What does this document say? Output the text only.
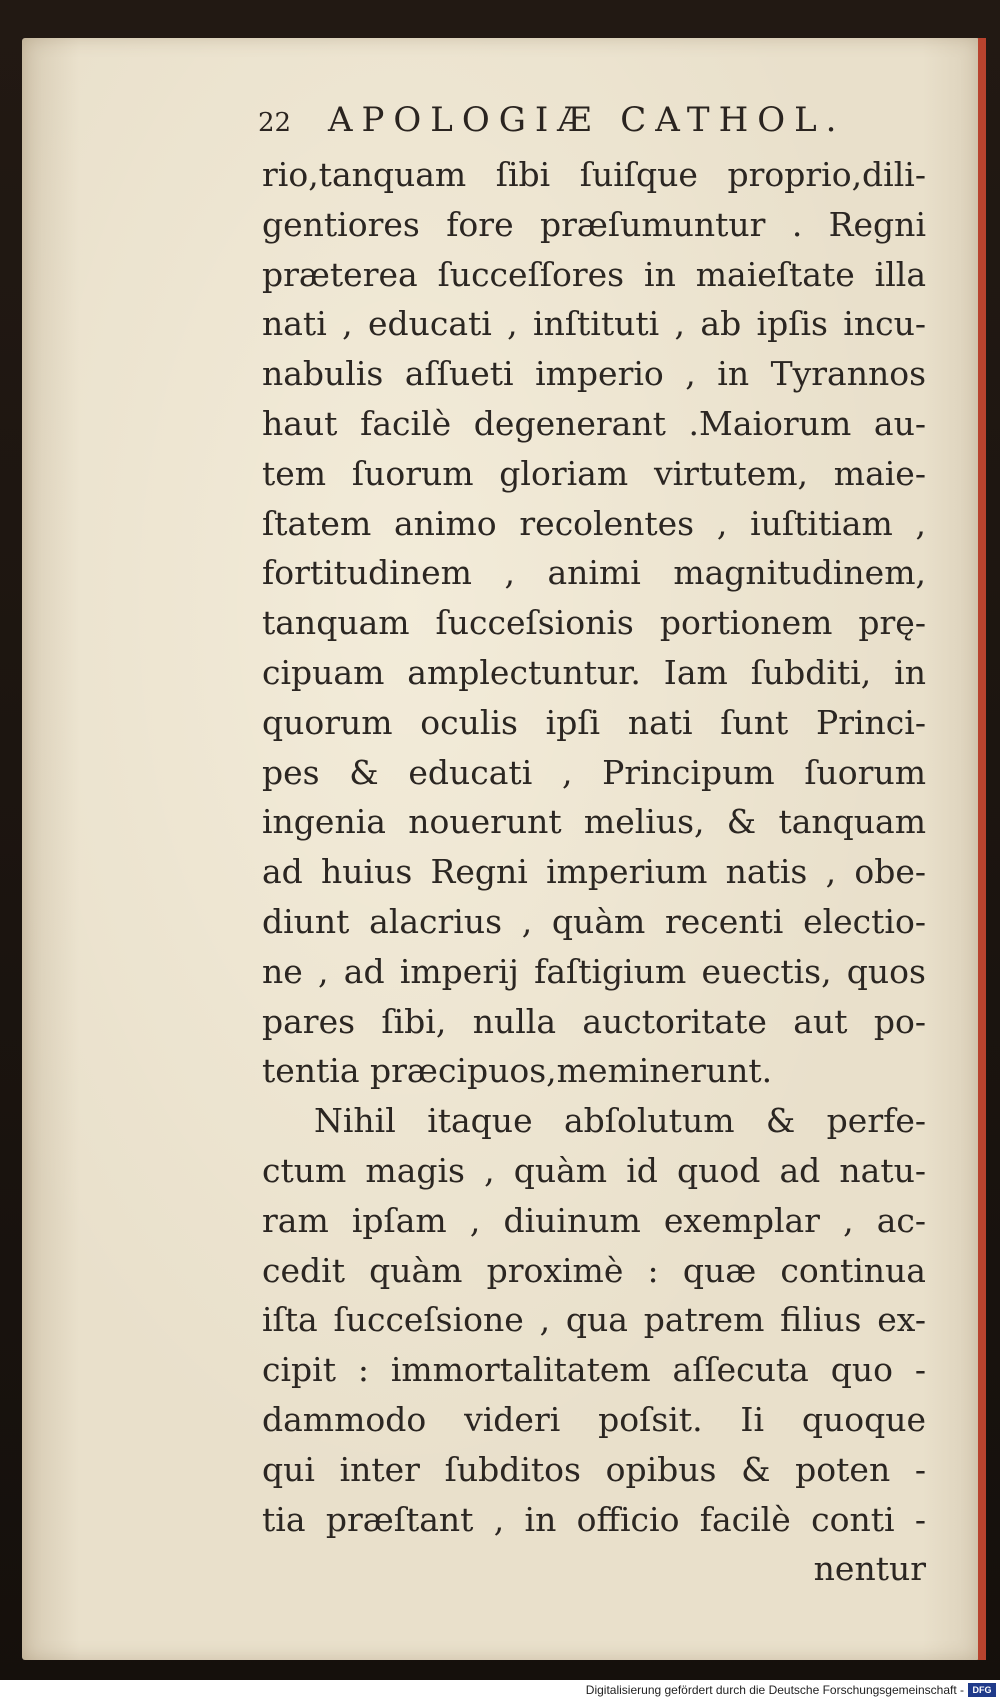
22	APOLOGIÆ CATHOL.
rio,tanquam ſibi ſuiſque proprio,dili-
gentiores fore præſumuntur . Regni
præterea ſucceſſores in maieſtate illa
nati , educati , inſtituti , ab ipſis incu-
nabulis aſſueti imperio , in Tyrannos
haut facilè degenerant .Maiorum au-
tem ſuorum gloriam virtutem, maie-
ſtatem animo recolentes , iuſtitiam ,
fortitudinem , animi magnitudinem,
tanquam ſucceſsionis portionem prę-
cipuam amplectuntur. Iam ſubditi, in
quorum oculis ipſi nati ſunt Princi-
pes & educati , Principum ſuorum
ingenia nouerunt melius, & tanquam
ad huius Regni imperium natis , obe-
diunt alacrius , quàm recenti electio-
ne , ad imperij faſtigium euectis, quos
pares ſibi, nulla auctoritate aut po-
tentia præcipuos,meminerunt.
Nihil itaque abſolutum & perfe-
ctum magis , quàm id quod ad natu-
ram ipſam , diuinum exemplar , ac-
cedit quàm proximè : quæ continua
iſta ſucceſsione , qua patrem filius ex-
cipit : immortalitatem aſſecuta quo -
dammodo videri poſsit. Ii quoque
qui inter ſubditos opibus & poten -
tia præſtant , in officio facilè conti -
nentur
Digitalisierung gefördert durch die Deutsche Forschungsgemeinschaft - DFG
